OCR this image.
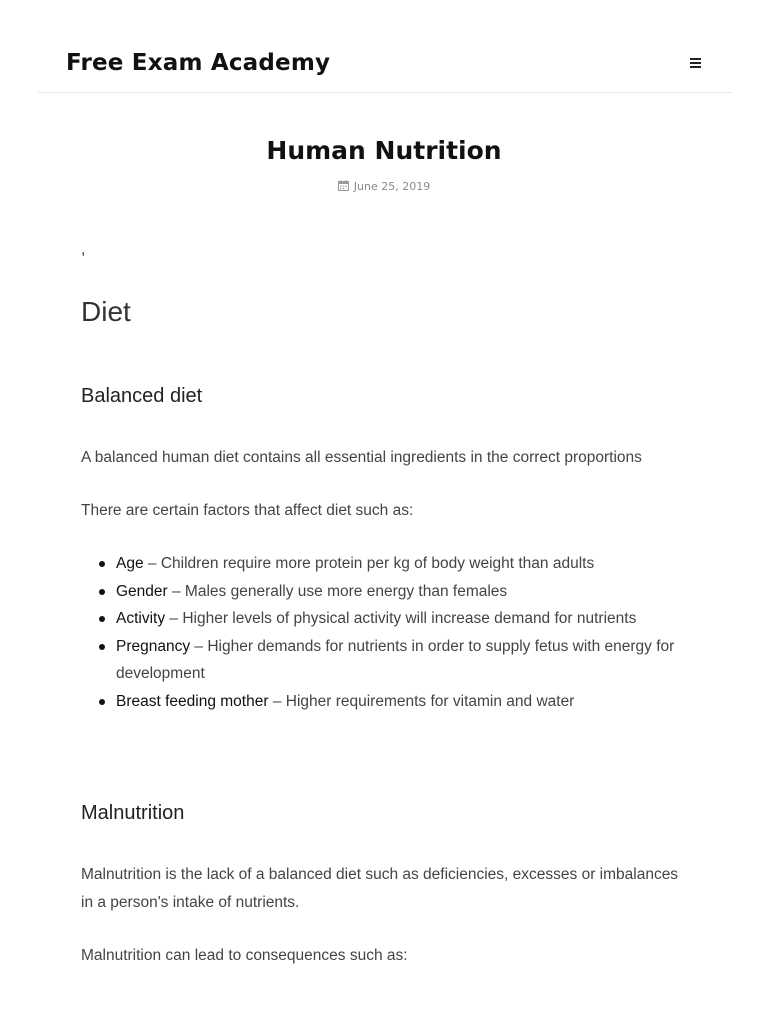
Free Exam Academy
Human Nutrition
June 25, 2019
,
Diet
Balanced diet

A balanced human diet contains all essential ingredients in the correct proportions

There are certain factors that affect diet such as:

Age – Children require more protein per kg of body weight than adults
Gender – Males generally use more energy than females
Activity – Higher levels of physical activity will increase demand for nutrients
Pregnancy – Higher demands for nutrients in order to supply fetus with energy for development
Breast feeding mother – Higher requirements for vitamin and water
Malnutrition

Malnutrition is the lack of a balanced diet such as deficiencies, excesses or imbalances in a person's intake of nutrients.

Malnutrition can lead to consequences such as:
